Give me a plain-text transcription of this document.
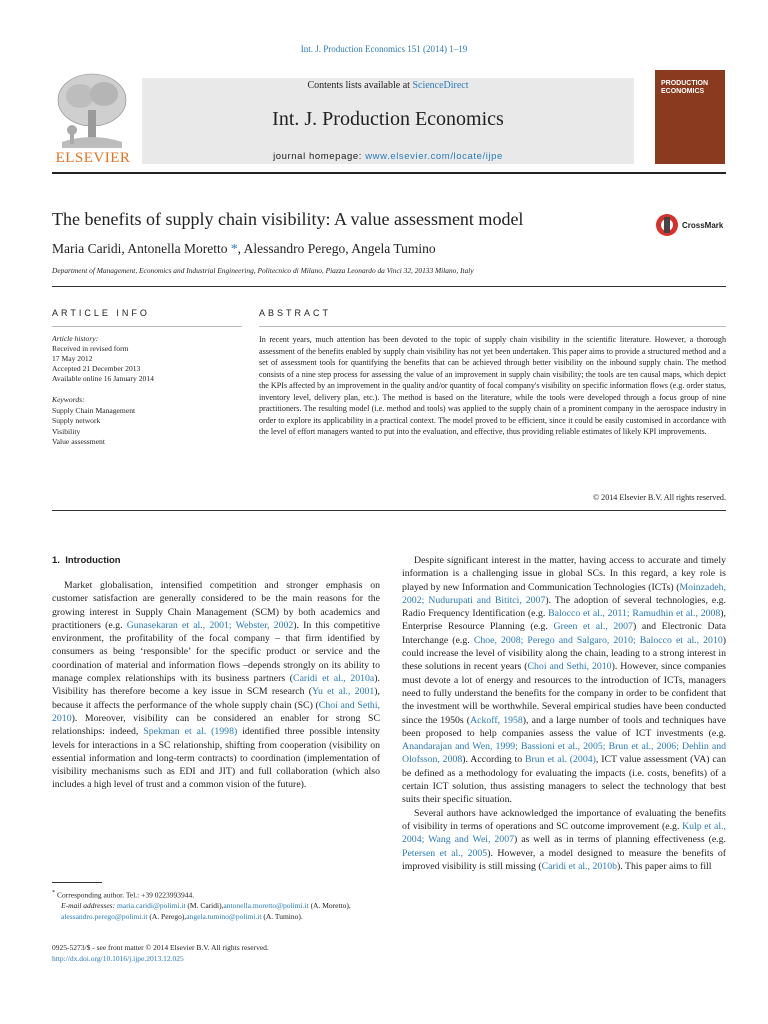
Int. J. Production Economics 151 (2014) 1–19
ELSEVIER
Contents lists available at ScienceDirect
Int. J. Production Economics
journal homepage: www.elsevier.com/locate/ijpe
PRODUCTION ECONOMICS
The benefits of supply chain visibility: A value assessment model	CrossMark
Maria Caridi, Antonella Moretto *, Alessandro Perego, Angela Tumino
Department of Management, Economics and Industrial Engineering, Politecnico di Milano, Piazza Leonardo da Vinci 32, 20133 Milano, Italy
ARTICLE INFO	ABSTRACT
Article history:
Received in revised form
17 May 2012
Accepted 21 December 2013
Available online 16 January 2014
Keywords:
Supply Chain Management
Supply network
Visibility
Value assessment
In recent years, much attention has been devoted to the topic of supply chain visibility in the scientific literature. However, a thorough assessment of the benefits enabled by supply chain visibility has not yet been undertaken. This paper aims to provide a structured method and a set of assessment tools for quantifying the benefits that can be achieved through better visibility on the inbound supply chain. The method consists of a nine step process for assessing the value of an improvement in supply chain visibility; the tools are ten causal maps, which depict the KPIs affected by an improvement in the quality and/or quantity of focal company's visibility on specific information flows (e.g. order status, inventory level, delivery plan, etc.). The method is based on the literature, while the tools were developed through a focus group of nine practitioners. The resulting model (i.e. method and tools) was applied to the supply chain of a prominent company in the aerospace industry in order to explore its applicability in a practical context. The model proved to be efficient, since it could be easily customised in accordance with the level of effort managers wanted to put into the evaluation, and effective, thus providing reliable estimates of likely KPI improvements.
© 2014 Elsevier B.V. All rights reserved.
1.  Introduction

Market globalisation, intensified competition and stronger emphasis on customer satisfaction are generally considered to be the main reasons for the growing interest in Supply Chain Management (SCM) by both academics and practitioners (e.g. Gunasekaran et al., 2001; Webster, 2002). In this competitive environment, the profitability of the focal company – that firm identified by consumers as being ‘responsible’ for the specific product or service and the coordination of material and information flows –depends strongly on its ability to manage complex relationships with its business partners (Caridi et al., 2010a). Visibility has therefore become a key issue in SCM research (Yu et al., 2001), because it affects the performance of the whole supply chain (SC) (Choi and Sethi, 2010). Moreover, visibility can be considered an enabler for strong SC relationships: indeed, Spekman et al. (1998) identified three possible intensity levels for interactions in a SC relationship, shifting from cooperation (visibility on essential information and long-term contracts) to coordination (implementation of visibility mechanisms such as EDI and JIT) and full collaboration (which also includes a high level of trust and a common vision of the future).

Despite significant interest in the matter, having access to accurate and timely information is a challenging issue in global SCs. In this regard, a key role is played by new Information and Communication Technologies (ICTs) (Moinzadeh, 2002; Nudurupati and Bititci, 2007). The adoption of several technologies, e.g. Radio Frequency Identification (e.g. Balocco et al., 2011; Ramudhin et al., 2008), Enterprise Resource Planning (e.g. Green et al., 2007) and Electronic Data Interchange (e.g. Choe, 2008; Perego and Salgaro, 2010; Balocco et al., 2010) could increase the level of visibility along the chain, leading to a strong interest in these solutions in recent years (Choi and Sethi, 2010). However, since companies must devote a lot of energy and resources to the introduction of ICTs, managers need to fully understand the benefits for the company in order to be confident that the investment will be worthwhile. Several empirical studies have been conducted since the 1950s (Ackoff, 1958), and a large number of tools and techniques have been proposed to help companies assess the value of ICT investments (e.g. Anandarajan and Wen, 1999; Bassioni et al., 2005; Brun et al., 2006; Dehlin and Olofsson, 2008). According to Brun et al. (2004), ICT value assessment (VA) can be defined as a methodology for evaluating the impacts (i.e. costs, benefits) of a certain ICT solution, thus assisting managers to select the technology that best suits their specific situation.

Several authors have acknowledged the importance of evaluating the benefits of visibility in terms of operations and SC outcome improvement (e.g. Kulp et al., 2004; Wang and Wei, 2007) as well as in terms of planning effectiveness (e.g. Petersen et al., 2005). However, a model designed to measure the benefits of improved visibility is still missing (Caridi et al., 2010b). This paper aims to fill

* Corresponding author. Tel.: +39 0223993944.
E-mail addresses: maria.caridi@polimi.it (M. Caridi),antonella.moretto@polimi.it (A. Moretto), alessandro.perego@polimi.it (A. Perego),angela.tumino@polimi.it (A. Tumino).
0925-5273/$ - see front matter © 2014 Elsevier B.V. All rights reserved.
http://dx.doi.org/10.1016/j.ijpe.2013.12.025
